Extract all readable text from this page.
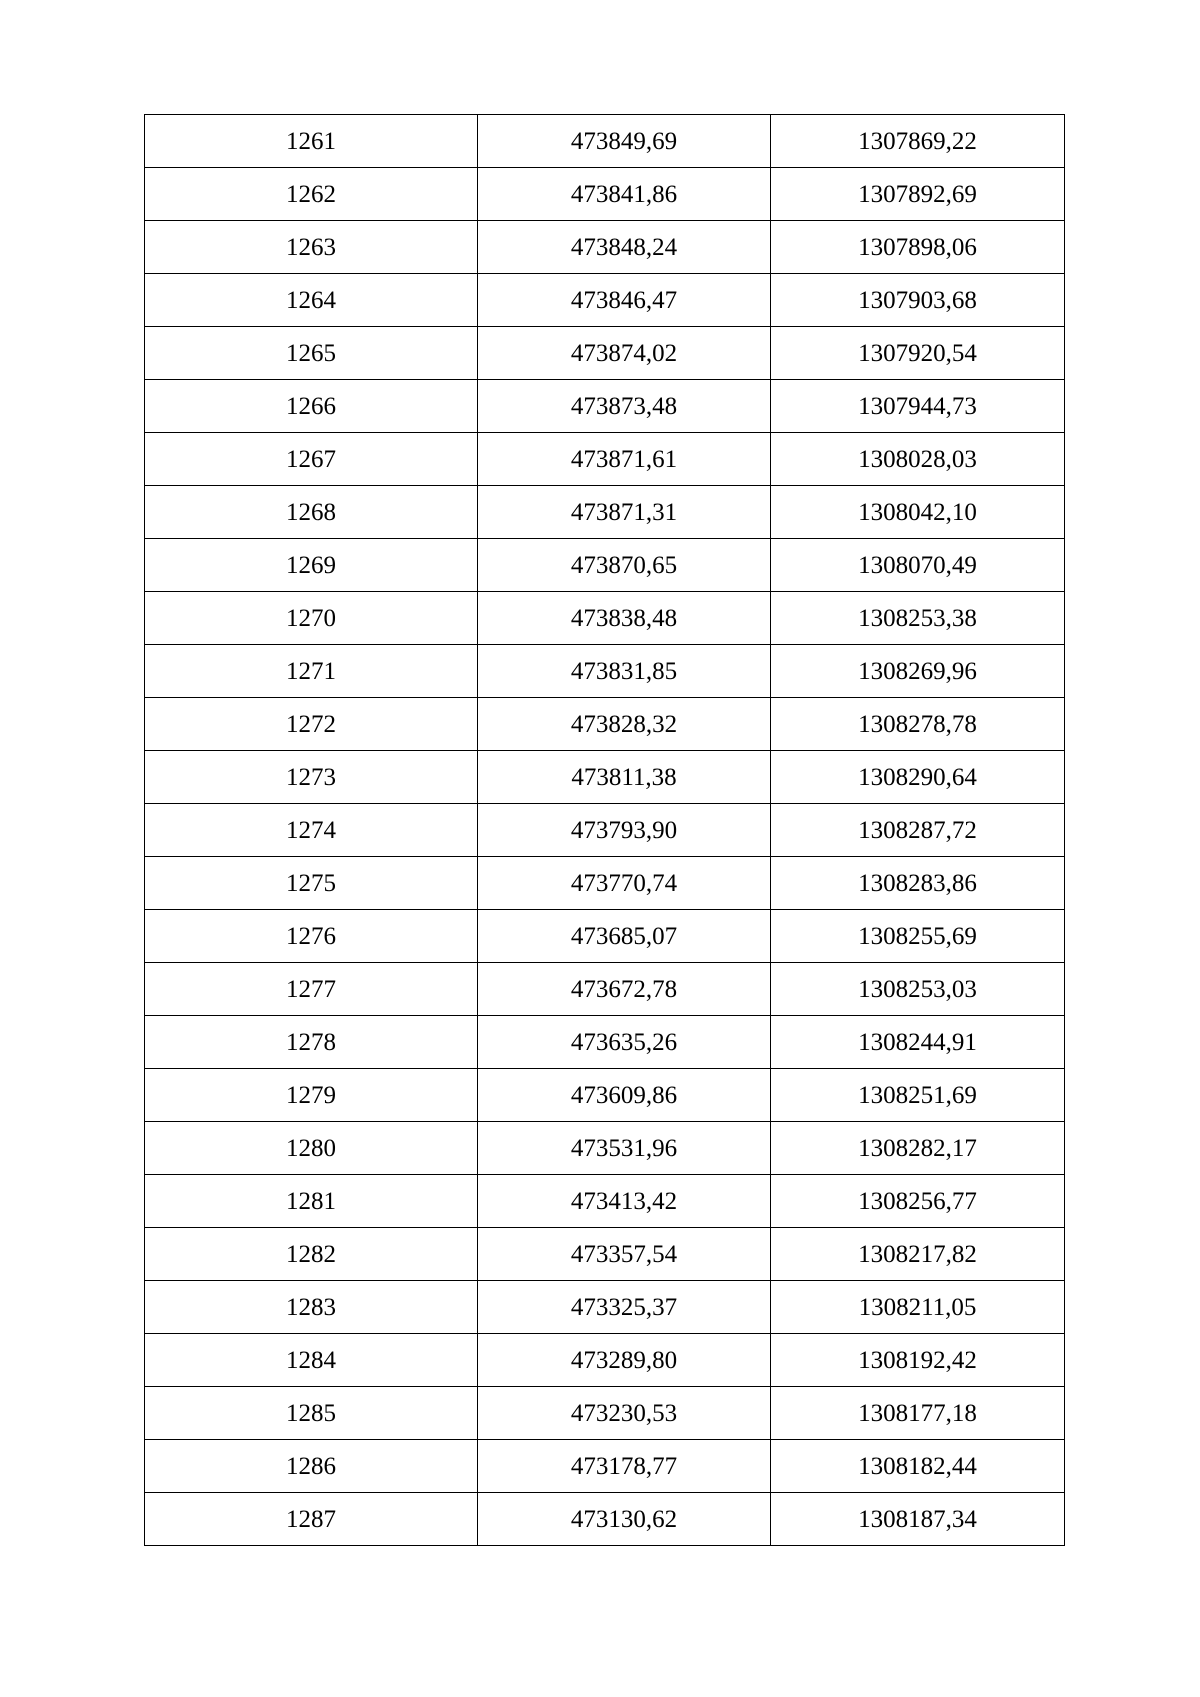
1261	473849,69	1307869,22
1262	473841,86	1307892,69
1263	473848,24	1307898,06
1264	473846,47	1307903,68
1265	473874,02	1307920,54
1266	473873,48	1307944,73
1267	473871,61	1308028,03
1268	473871,31	1308042,10
1269	473870,65	1308070,49
1270	473838,48	1308253,38
1271	473831,85	1308269,96
1272	473828,32	1308278,78
1273	473811,38	1308290,64
1274	473793,90	1308287,72
1275	473770,74	1308283,86
1276	473685,07	1308255,69
1277	473672,78	1308253,03
1278	473635,26	1308244,91
1279	473609,86	1308251,69
1280	473531,96	1308282,17
1281	473413,42	1308256,77
1282	473357,54	1308217,82
1283	473325,37	1308211,05
1284	473289,80	1308192,42
1285	473230,53	1308177,18
1286	473178,77	1308182,44
1287	473130,62	1308187,34
